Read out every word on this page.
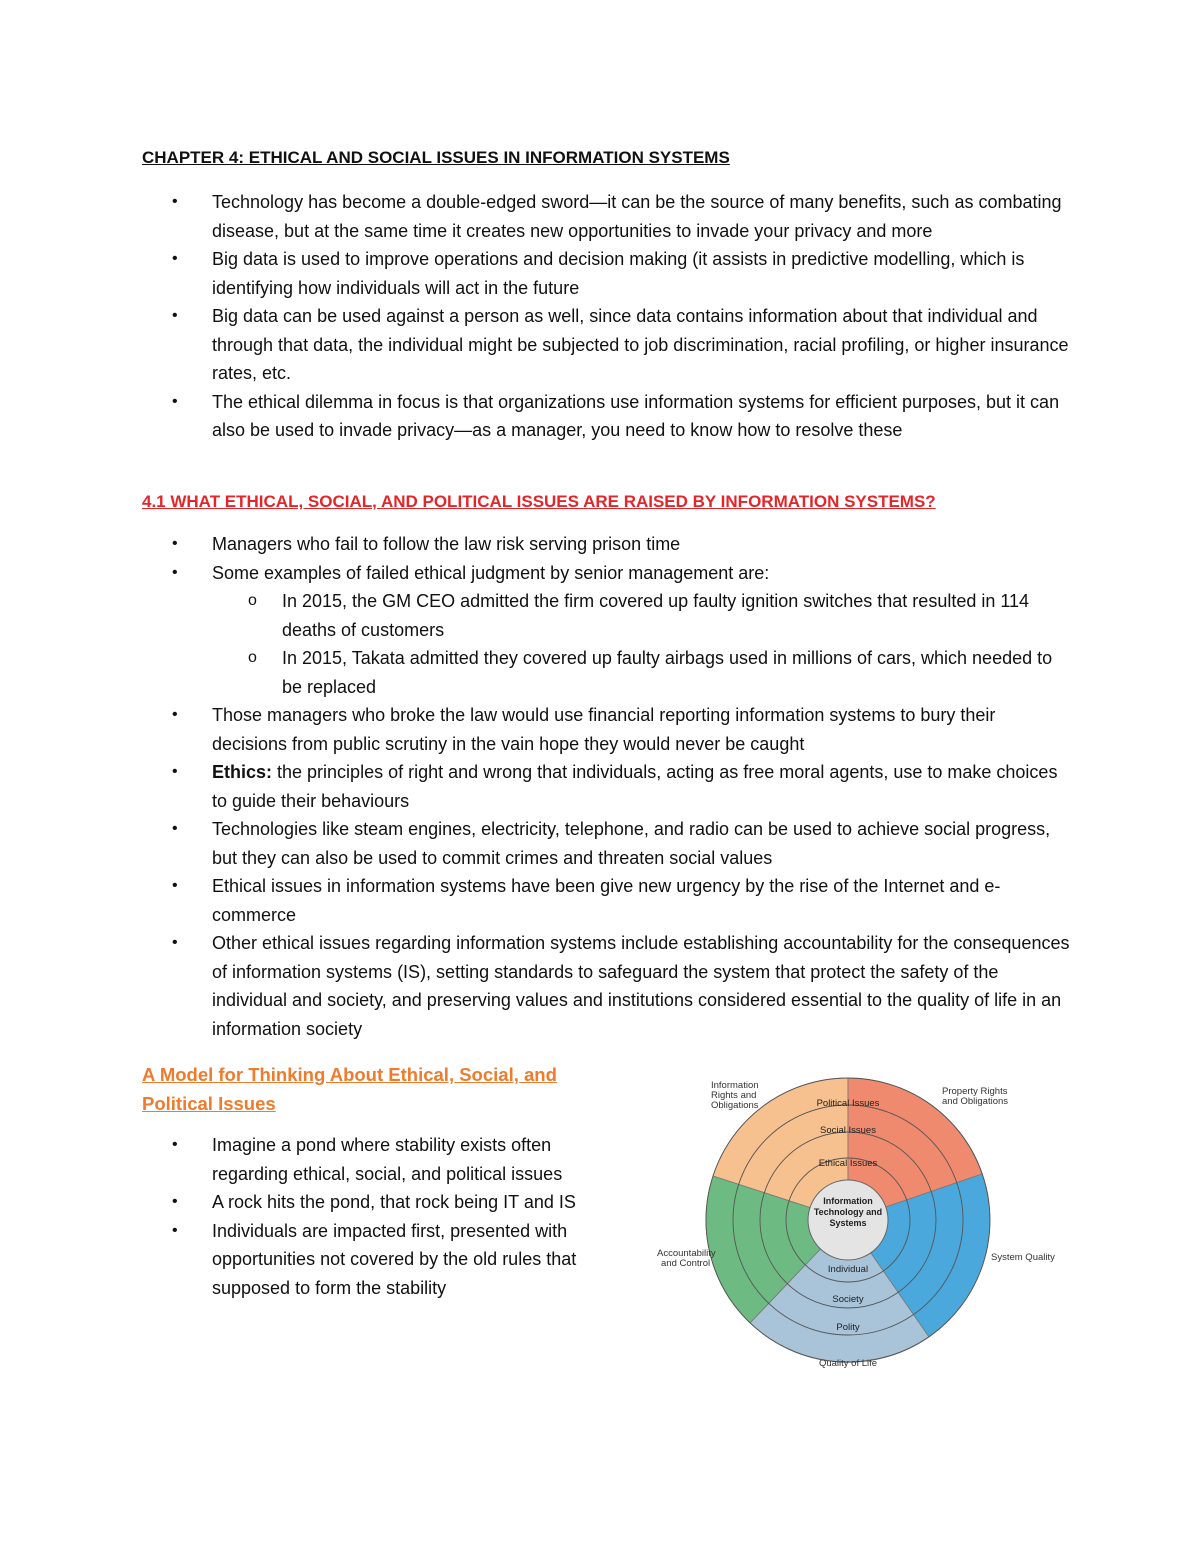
CHAPTER 4: ETHICAL AND SOCIAL ISSUES IN INFORMATION SYSTEMS
• Technology has become a double-edged sword—it can be the source of many benefits, such as combating disease, but at the same time it creates new opportunities to invade your privacy and more
• Big data is used to improve operations and decision making (it assists in predictive modelling, which is identifying how individuals will act in the future
• Big data can be used against a person as well, since data contains information about that individual and through that data, the individual might be subjected to job discrimination, racial profiling, or higher insurance rates, etc.
• The ethical dilemma in focus is that organizations use information systems for efficient purposes, but it can also be used to invade privacy—as a manager, you need to know how to resolve these
4.1 WHAT ETHICAL, SOCIAL, AND POLITICAL ISSUES ARE RAISED BY INFORMATION SYSTEMS?
• Managers who fail to follow the law risk serving prison time
• Some examples of failed ethical judgment by senior management are:
o In 2015, the GM CEO admitted the firm covered up faulty ignition switches that resulted in 114 deaths of customers
o In 2015, Takata admitted they covered up faulty airbags used in millions of cars, which needed to be replaced
• Those managers who broke the law would use financial reporting information systems to bury their decisions from public scrutiny in the vain hope they would never be caught
• Ethics: the principles of right and wrong that individuals, acting as free moral agents, use to make choices to guide their behaviours
• Technologies like steam engines, electricity, telephone, and radio can be used to achieve social progress, but they can also be used to commit crimes and threaten social values
• Ethical issues in information systems have been give new urgency by the rise of the Internet and e-commerce
• Other ethical issues regarding information systems include establishing accountability for the consequences of information systems (IS), setting standards to safeguard the system that protect the safety of the individual and society, and preserving values and institutions considered essential to the quality of life in an information society
A Model for Thinking About Ethical, Social, and
Political Issues
• Imagine a pond where stability exists often regarding ethical, social, and political issues
• A rock hits the pond, that rock being IT and IS
• Individuals are impacted first, presented with opportunities not covered by the old rules that supposed to form the stability
Information
Technology and
Systems
Political Issues
Social Issues
Ethical Issues
Individual
Society
Polity
Information
Rights and
Obligations
Property Rights
and Obligations
Accountability
and Control
System Quality
Quality of Life
